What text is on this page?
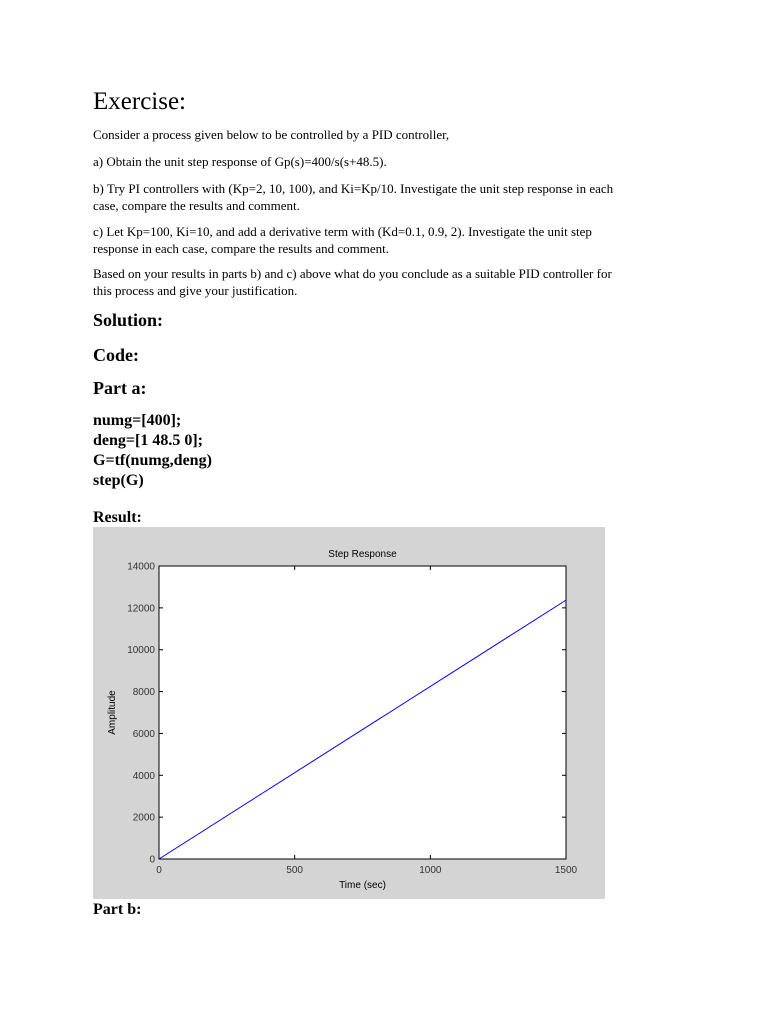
Exercise:
Consider a process given below to be controlled by a PID controller,
a) Obtain the unit step response of Gp(s)=400/s(s+48.5).
b) Try PI controllers with (Kp=2, 10, 100), and Ki=Kp/10. Investigate the unit step response in each
case, compare the results and comment.
c) Let Kp=100, Ki=10, and add a derivative term with (Kd=0.1, 0.9, 2). Investigate the unit step
response in each case, compare the results and comment.
Based on your results in parts b) and c) above what do you conclude as a suitable PID controller for
this process and give your justification.
Solution:
Code:
Part a:
numg=[400];
deng=[1 48.5 0];
G=tf(numg,deng)
step(G)
Result:
0	500	1000	1500
0
2000
4000
6000
8000
10000
12000
14000
Step Response
Time (sec)
Amplitude
Part b:
